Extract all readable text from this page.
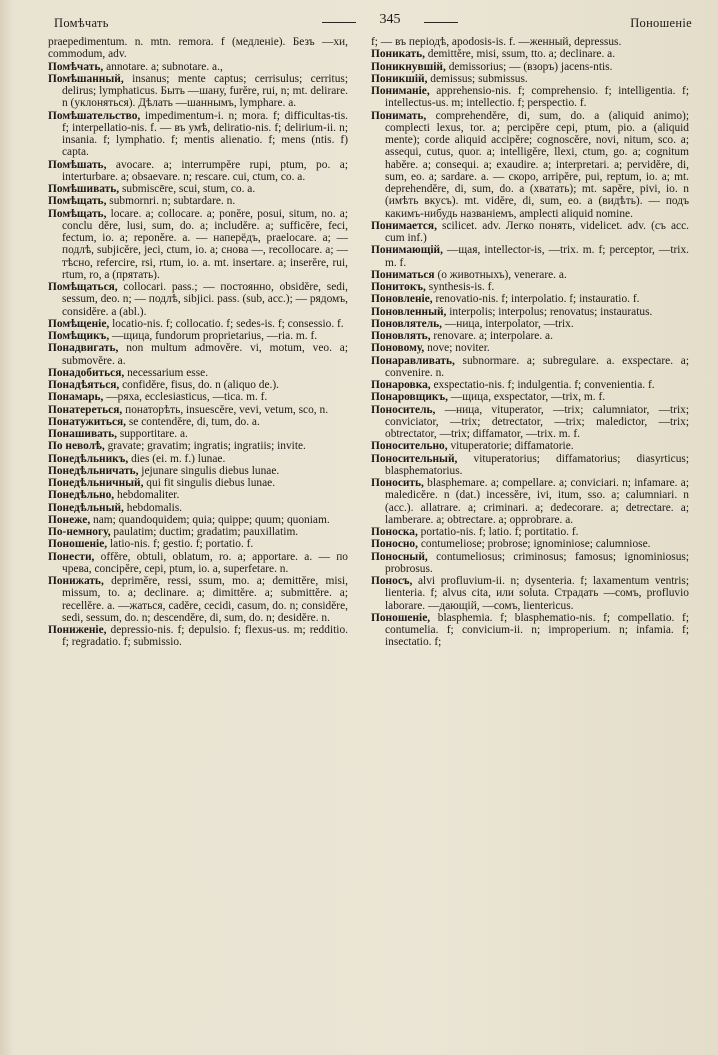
Помѣчать	345	Поношеніе

praepedimentum. n. mtn. remora. f (медленіе). Безъ —хи, commodum, adv.

Помѣчать, annotare. a; subnotare. a.,

Помѣшанный, insanus; mente captus; cerrisulus; cerritus; delirus; lymphaticus. Быть —шану, furĕre, rui, n; mt. delirare. n (уклоняться). Дѣлать —шаннымъ, lymphare. a.

Помѣшательство, impedimentum-i. n; mora. f; difficultas-tis. f; interpellatio-nis. f. — въ умѣ, deliratio-nis. f; delirium-ii. n; insania. f; lymphatio. f; mentis alienatio. f; mens (ntis. f) capta.

Помѣшать, avocare. a; interrumpĕre rupi, ptum, po. a; interturbare. a; obsaevare. n; rescare. cui, ctum, co. a.

Помѣшивать, submiscēre, scui, stum, co. a.

Помѣщать, submornri. n; subtardare. n.

Помѣщать, locare. a; collocare. a; ponĕre, posui, situm, no. a; conclu dĕre, lusi, sum, do. a; includĕre. a; sufficĕre, feci, fectum, io. a; reponĕre. a. — наперёдъ, praelocare. a; — подлѣ, subjicĕre, jeci, ctum, io. a; снова —, recollocare. a; — тѣсно, refercire, rsi, rtum, io. a. mt. insertare. a; inserĕre, rui, rtum, ro, a (прятать).

Помѣщаться, collocari. pass.; — постоянно, obsidĕre, sedi, sessum, deo. n; — подлѣ, sibjici. pass. (sub, acc.); — рядомъ, considĕre. a (abl.).

Помѣщеніе, locatio-nis. f; collocatio. f; sedes-is. f; consessio. f.

Помѣщикъ, —щица, fundorum proprietarius, —ria. m. f.

Понадвигать, non multum admovĕre. vi, motum, veo. a; submovĕre. a.

Понадобиться, necessarium esse.

Понадѣяться, confidĕre, fisus, do. n (aliquo de.).

Понамарь, —ряха, ecclesiasticus, —tica. m. f.

Понатереться, понаторѣть, insuescĕre, vevi, vetum, sco, n.

Понатужиться, se contendĕre, di, tum, do. a.

Понашивать, supportitare. a.

По неволѣ, gravate; gravatim; ingratis; ingratiis; invite.

Понедѣльникъ, dies (ei. m. f.) lunae.

Понедѣльничать, jejunare singulis diebus lunae.

Понедѣльничный, qui fit singulis diebus lunae.

Понедѣльно, hebdomaliter.

Понедѣльный, hebdomalis.

Понеже, nam; quandoquidem; quia; quippe; quum; quoniam.

По-немногу, paulatim; ductim; gradatim; pauxillatim.

Поношеніе, latio-nis. f; gestio. f; portatio. f.

Понести, offĕre, obtuli, oblatum, ro. a; apportare. a. — по чрева, concipĕre, cepi, ptum, io. a, superfetare. n.

Понижать, deprimĕre, ressi, ssum, mo. a; demittĕre, misi, missum, to. a; declinare. a; dimittĕre. a; submittĕre. a; recellĕre. a. —жаться, cadĕre, cecidi, casum, do. n; considĕre, sedi, sessum, do. n; descendĕre, di, sum, do. n; desidĕre. n.

Пониженіе, depressio-nis. f; depulsio. f; flexus-us. m; redditio. f; regradatio. f; submissio.

f; — въ періодѣ, apodosis-is. f. —женный, depressus.

Поникать, demittĕre, misi, ssum, tto. a; declinare. a.

Поникнувшій, demissorius; — (взоръ) jacens-ntis.

Поникшій, demissus; submissus.

Пониманіе, apprehensio-nis. f; comprehensio. f; intelligentia. f; intellectus-us. m; intellectio. f; perspectio. f.

Понимать, comprehendĕre, di, sum, do. a (aliquid animo); complecti lexus, tor. a; percipĕre cepi, ptum, pio. a (aliquid mente); corde aliquid accipĕre; cognoscĕre, novi, nitum, sco. a; assequi, cutus, quor. a; intelligĕre, llexi, ctum, go. a; cognitum habĕre. a; consequi. a; exaudire. a; interpretari. a; pervidĕre, di, sum, eo. a; sardare. a. — скоро, arripĕre, pui, reptum, io. a; mt. deprehendĕre, di, sum, do. a (хватать); mt. sapĕre, pivi, io. n (имѣть вкусъ). mt. vidĕre, di, sum, eo. a (видѣть). — подъ какимъ-нибудь названіемъ, amplecti aliquid nomine.

Понимается, scilicet. adv. Легко понять, videlicet. adv. (съ acc. cum inf.)

Понимающій, —щая, intellector-is, —trix. m. f; perceptor, —trix. m. f.

Пониматься (о животныхъ), venerare. a.

Понитокъ, synthesis-is. f.

Поновленіе, renovatio-nis. f; interpolatio. f; instauratio. f.

Поновленный, interpolis; interpolus; renovatus; instauratus.

Поновлятель, —ница, interpolator, —trix.

Поновлять, renovare. a; interpolare. a.

Поновому, nove; noviter.

Понаравливать, subnormare. a; subregulare. a. exspectare. a; convenire. n.

Понаровка, exspectatio-nis. f; indulgentia. f; convenientia. f.

Понаровщикъ, —щица, exspectator, —trix, m. f.

Поноситель, —ница, vituperator, —trix; calumniator, —trix; conviciator, —trix; detrectator, —trix; maledictor, —trix; obtrectator, —trix; diffamator, —trix. m. f.

Поносительно, vituperatorie; diffamatorie.

Поносительный, vituperatorius; diffamatorius; diasyrticus; blasphematorius.

Поносить, blasphemare. a; compellare. a; conviciari. n; infamare. a; maledicĕre. n (dat.) incessĕre, ivi, itum, sso. a; calumniari. n (acc.). allatrare. a; criminari. a; dedecorare. a; detrectare. a; lamberare. a; obtrectare. a; opprobrare. a.

Поноска, portatio-nis. f; latio. f; portitatio. f.

Поносно, contumeliose; probrose; ignominiose; calumniose.

Поносный, contumeliosus; criminosus; famosus; ignominiosus; probrosus.

Поносъ, alvi profluvium-ii. n; dysenteria. f; laxamentum ventris; lienteria. f; alvus cita, или soluta. Страдать —сомъ, profluvio laborare. —дающій, —сомъ, lientericus.

Поношеніе, blasphemia. f; blasphematio-nis. f; compellatio. f; contumelia. f; convicium-ii. n; improperium. n; infamia. f; insectatio. f;
